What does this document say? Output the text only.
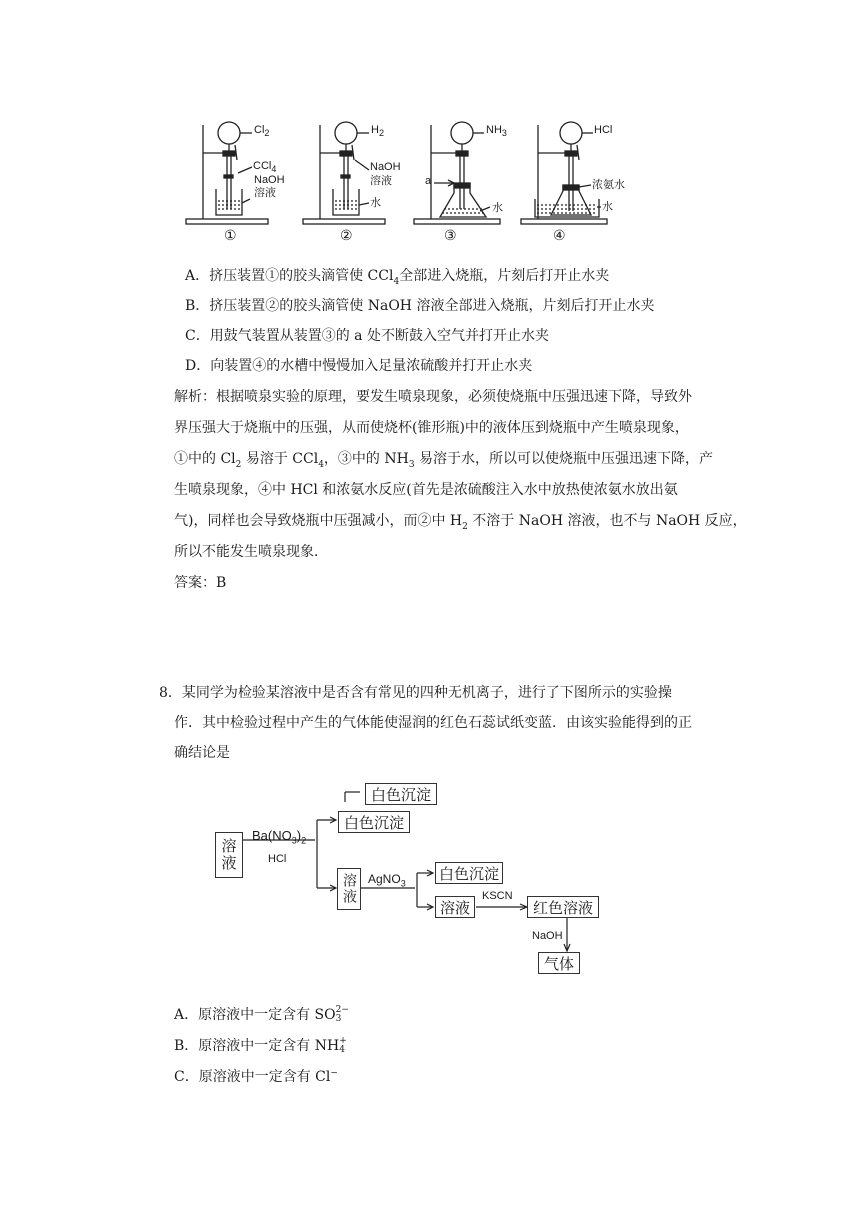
$Cl_2$
CCl$_4$
NaOH
溶液
①
$H_2$
NaOH
溶液
水
②
$NH_3$
a
水
③
HCl
浓氨水
水
④
A．挤压装置①的胶头滴管使 CCl$_4$全部进入烧瓶，片刻后打开止水夹
B．挤压装置②的胶头滴管使 NaOH 溶液全部进入烧瓶，片刻后打开止水夹
C．用鼓气装置从装置③的 a 处不断鼓入空气并打开止水夹
D．向装置④的水槽中慢慢加入足量浓硫酸并打开止水夹
解析：根据喷泉实验的原理，要发生喷泉现象，必须使烧瓶中压强迅速下降，导致外
界压强大于烧瓶中的压强，从而使烧杯(锥形瓶)中的液体压到烧瓶中产生喷泉现象，
①中的 $Cl_2$ 易溶于 CCl$_4$，③中的 $NH_3$ 易溶于水，所以可以使烧瓶中压强迅速下降，产
生喷泉现象，④中 HCl 和浓氨水反应(首先是浓硫酸注入水中放热使浓氨水放出氨
气)，同样也会导致烧瓶中压强减小，而②中 $H_2$ 不溶于 NaOH 溶液，也不与 NaOH 反应，
所以不能发生喷泉现象．
答案：B
8．某同学为检验某溶液中是否含有常见的四种无机离子，进行了下图所示的实验操
作．其中检验过程中产生的气体能使湿润的红色石蕊试纸变蓝．由该实验能得到的正
确结论是
白色沉淀
溶液
$Ba(NO_3)_2$
HCl
白色沉淀
溶液 AgNO$_3$
白色沉淀
溶液
KSCN
红色溶液
NaOH
气体
A．原溶液中一定含有 SO 2−
3
B．原溶液中一定含有 NH +
4
C．原溶液中一定含有 Cl−
